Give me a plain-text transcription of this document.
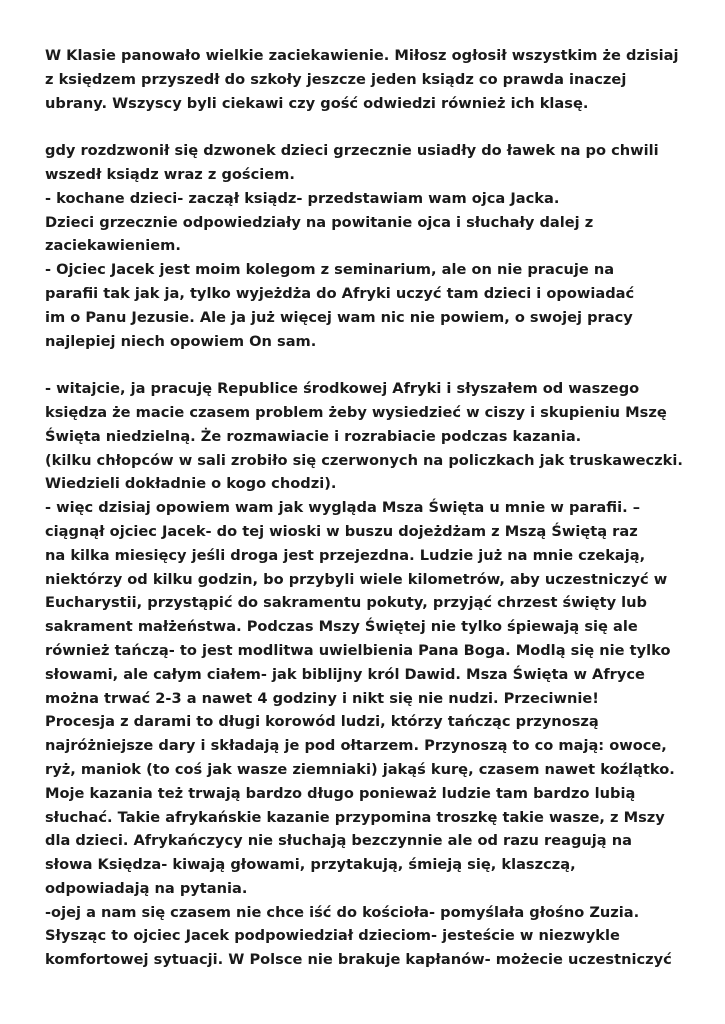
W Klasie panowało wielkie zaciekawienie. Miłosz ogłosił wszystkim że dzisiaj
z księdzem przyszedł do szkoły jeszcze jeden ksiądz co prawda inaczej
ubrany. Wszyscy byli ciekawi czy gość odwiedzi również ich klasę.
gdy rozdzwonił się dzwonek dzieci grzecznie usiadły do ławek na po chwili
wszedł ksiądz wraz z gościem.
- kochane dzieci- zaczął ksiądz- przedstawiam wam ojca Jacka.
Dzieci grzecznie odpowiedziały na powitanie ojca i słuchały dalej z
zaciekawieniem.
- Ojciec Jacek jest moim kolegom z seminarium, ale on nie pracuje na
parafii tak jak ja, tylko wyjeżdża do Afryki uczyć tam dzieci i opowiadać
im o Panu Jezusie. Ale ja już więcej wam nic nie powiem, o swojej pracy
najlepiej niech opowiem On sam.
- witajcie, ja pracuję Republice środkowej Afryki i słyszałem od waszego
księdza że macie czasem problem żeby wysiedzieć w ciszy i skupieniu Mszę
Święta niedzielną. Że rozmawiacie i rozrabiacie podczas kazania.
(kilku chłopców w sali zrobiło się czerwonych na policzkach jak truskaweczki.
Wiedzieli dokładnie o kogo chodzi).
- więc dzisiaj opowiem wam jak wygląda Msza Święta u mnie w parafii. –
ciągnął ojciec Jacek- do tej wioski w buszu dojeżdżam z Mszą Świętą raz
na kilka miesięcy jeśli droga jest przejezdna. Ludzie już na mnie czekają,
niektórzy od kilku godzin, bo przybyli wiele kilometrów, aby uczestniczyć w
Eucharystii, przystąpić do sakramentu pokuty, przyjąć chrzest święty lub
sakrament małżeństwa. Podczas Mszy Świętej nie tylko śpiewają się ale
również tańczą- to jest modlitwa uwielbienia Pana Boga. Modlą się nie tylko
słowami, ale całym ciałem- jak biblijny król Dawid. Msza Święta w Afryce
można trwać 2-3 a nawet 4 godziny i nikt się nie nudzi. Przeciwnie!
Procesja z darami to długi korowód ludzi, którzy tańcząc przynoszą
najróżniejsze dary i składają je pod ołtarzem. Przynoszą to co mają: owoce,
ryż, maniok (to coś jak wasze ziemniaki) jakąś kurę, czasem nawet koźlątko.
Moje kazania też trwają bardzo długo ponieważ ludzie tam bardzo lubią
słuchać. Takie afrykańskie kazanie przypomina troszkę takie wasze, z Mszy
dla dzieci. Afrykańczycy nie słuchają bezczynnie ale od razu reagują na
słowa Księdza- kiwają głowami, przytakują, śmieją się, klaszczą,
odpowiadają na pytania.
-ojej a nam się czasem nie chce iść do kościoła- pomyślała głośno Zuzia.
Słysząc to ojciec Jacek podpowiedział dzieciom- jesteście w niezwykle
komfortowej sytuacji. W Polsce nie brakuje kapłanów- możecie uczestniczyć
